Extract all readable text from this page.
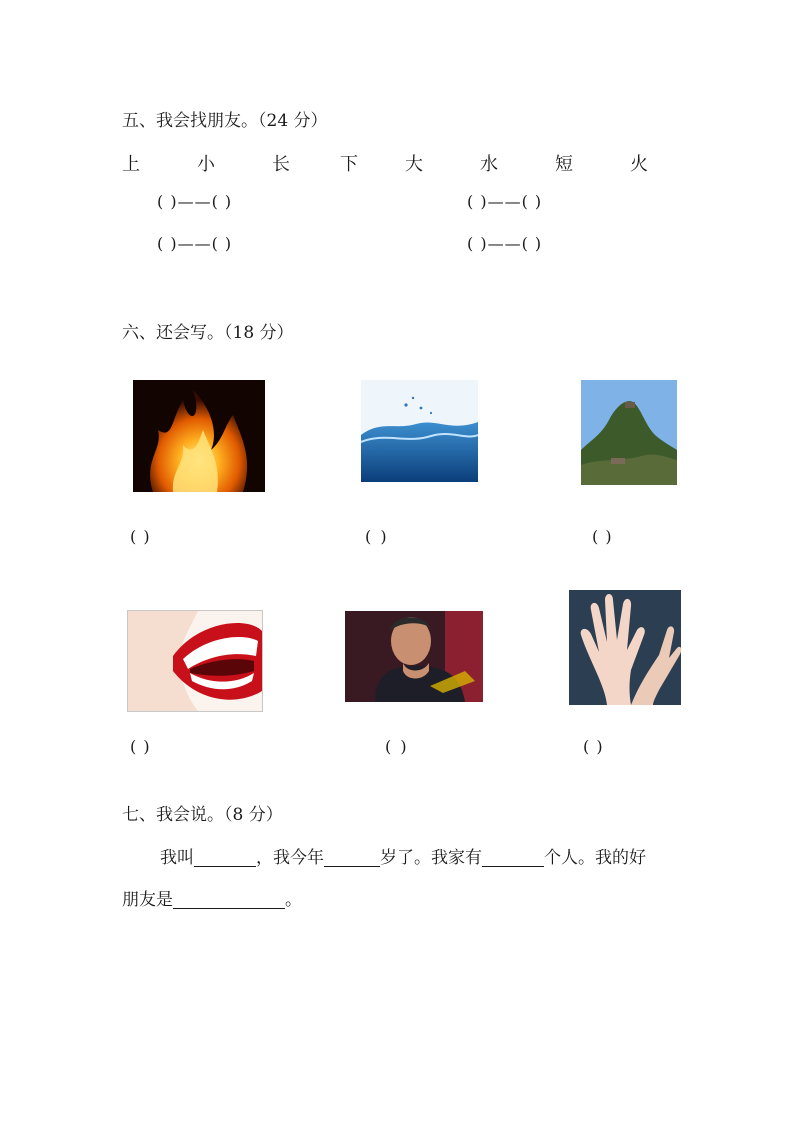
五、我会找朋友。（24 分）
上	小	长	下	大	水	短	火
( )——( )	( )——( )
( )——( )	( )——( )
六、还会写。（18 分）
( )	( )	( )
( )	( )	( )
七、我会说。（8 分）
我叫	，我今年	岁了。我家有	个人。我的好
朋友是	。
